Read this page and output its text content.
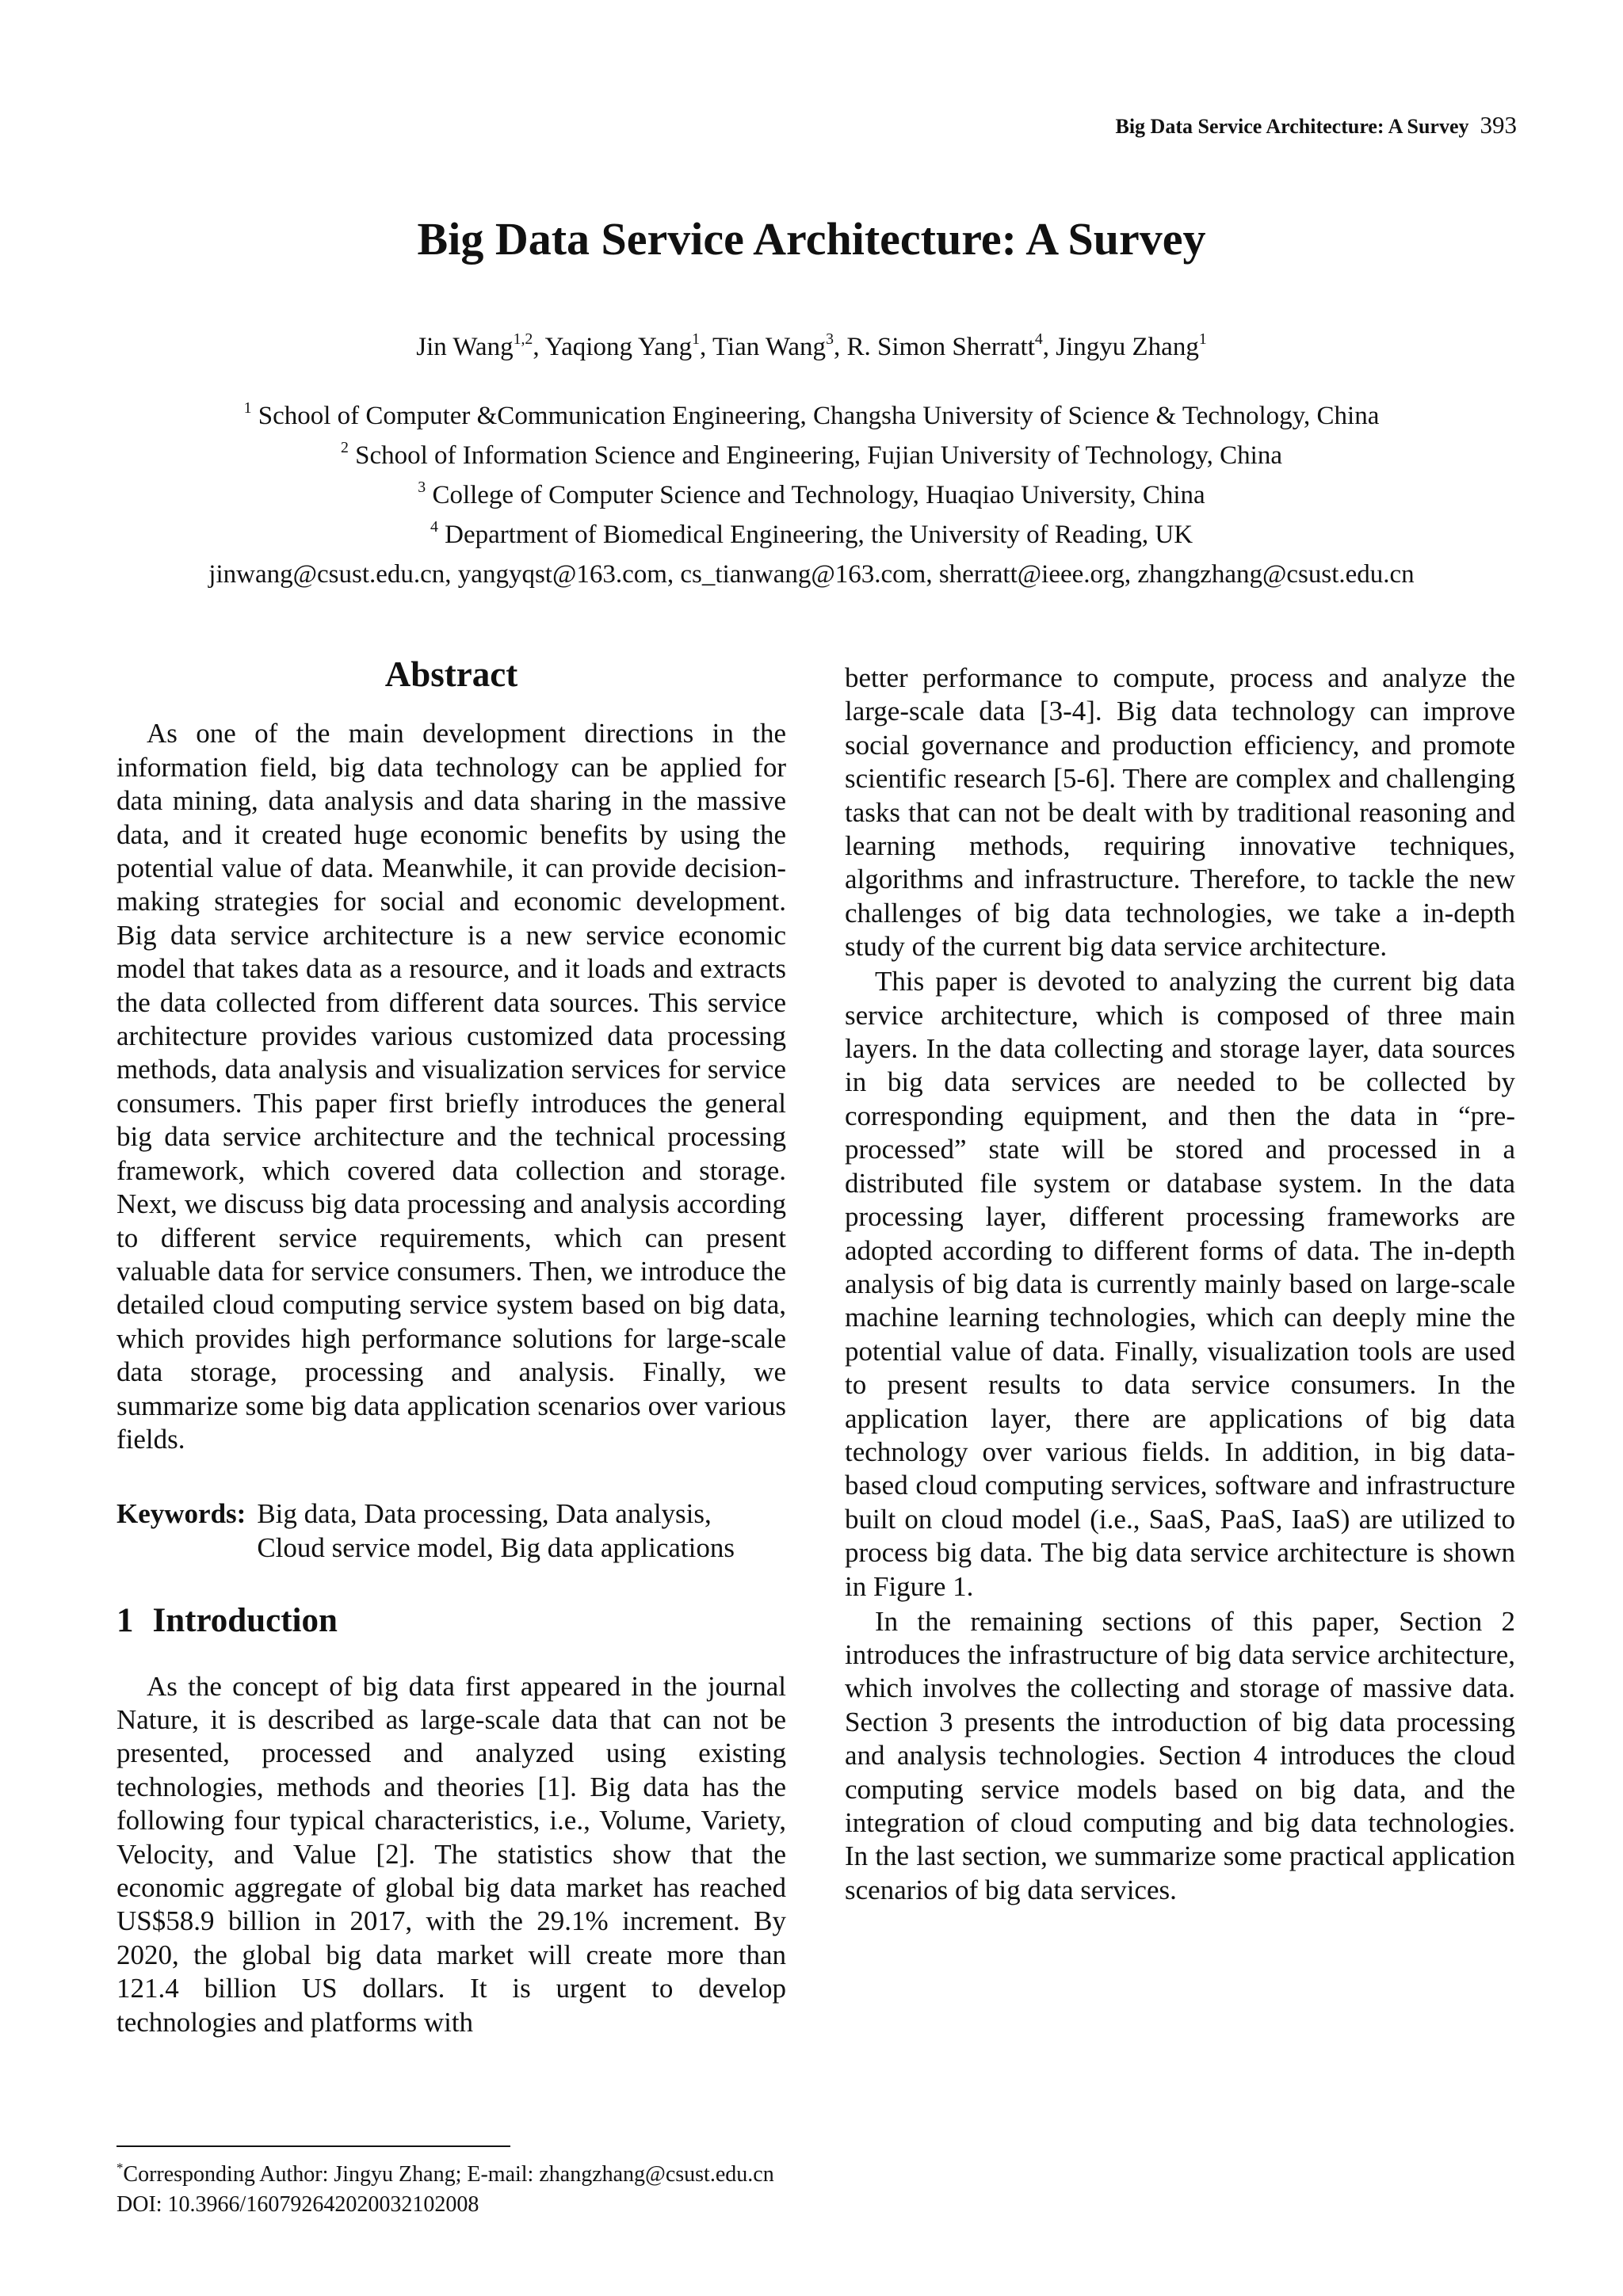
Big Data Service Architecture: A Survey 393
Big Data Service Architecture: A Survey
Jin Wang$^{1,2}$, Yaqiong Yang$^1$, Tian Wang$^3$, R. Simon Sherratt$^4$, Jingyu Zhang$^1$
$^1$ School of Computer &Communication Engineering, Changsha University of Science & Technology, China
$^2$ School of Information Science and Engineering, Fujian University of Technology, China
$^3$ College of Computer Science and Technology, Huaqiao University, China
$^4$ Department of Biomedical Engineering, the University of Reading, UK
jinwang@csust.edu.cn, yangyqst@163.com, cs_tianwang@163.com, sherratt@ieee.org, zhangzhang@csust.edu.cn
Abstract

As one of the main development directions in the information field, big data technology can be applied for data mining, data analysis and data sharing in the massive data, and it created huge economic benefits by using the potential value of data. Meanwhile, it can provide decision-making strategies for social and economic development. Big data service architecture is a new service economic model that takes data as a resource, and it loads and extracts the data collected from different data sources. This service architecture provides various customized data processing methods, data analysis and visualization services for service consumers. This paper first briefly introduces the general big data service architecture and the technical processing framework, which covered data collection and storage. Next, we discuss big data processing and analysis according to different service requirements, which can present valuable data for service consumers. Then, we introduce the detailed cloud computing service system based on big data, which provides high performance solutions for large-scale data storage, processing and analysis. Finally, we summarize some big data application scenarios over various fields.

Keywords: Big data, Data processing, Data analysis, Cloud service model, Big data applications
1 Introduction

As the concept of big data first appeared in the journal Nature, it is described as large-scale data that can not be presented, processed and analyzed using existing technologies, methods and theories [1]. Big data has the following four typical characteristics, i.e., Volume, Variety, Velocity, and Value [2]. The statistics show that the economic aggregate of global big data market has reached US$58.9 billion in 2017, with the 29.1% increment. By 2020, the global big data market will create more than 121.4 billion US dollars. It is urgent to develop technologies and platforms with

better performance to compute, process and analyze the large-scale data [3-4]. Big data technology can improve social governance and production efficiency, and promote scientific research [5-6]. There are complex and challenging tasks that can not be dealt with by traditional reasoning and learning methods, requiring innovative techniques, algorithms and infrastructure. Therefore, to tackle the new challenges of big data technologies, we take a in-depth study of the current big data service architecture.

This paper is devoted to analyzing the current big data service architecture, which is composed of three main layers. In the data collecting and storage layer, data sources in big data services are needed to be collected by corresponding equipment, and then the data in “pre-processed” state will be stored and processed in a distributed file system or database system. In the data processing layer, different processing frameworks are adopted according to different forms of data. The in-depth analysis of big data is currently mainly based on large-scale machine learning technologies, which can deeply mine the potential value of data. Finally, visualization tools are used to present results to data service consumers. In the application layer, there are applications of big data technology over various fields. In addition, in big data-based cloud computing services, software and infrastructure built on cloud model (i.e., SaaS, PaaS, IaaS) are utilized to process big data. The big data service architecture is shown in Figure 1.

In the remaining sections of this paper, Section 2 introduces the infrastructure of big data service architecture, which involves the collecting and storage of massive data. Section 3 presents the introduction of big data processing and analysis technologies. Section 4 introduces the cloud computing service models based on big data, and the integration of cloud computing and big data technologies. In the last section, we summarize some practical application scenarios of big data services.

*Corresponding Author: Jingyu Zhang; E-mail: zhangzhang@csust.edu.cn
DOI: 10.3966/160792642020032102008
